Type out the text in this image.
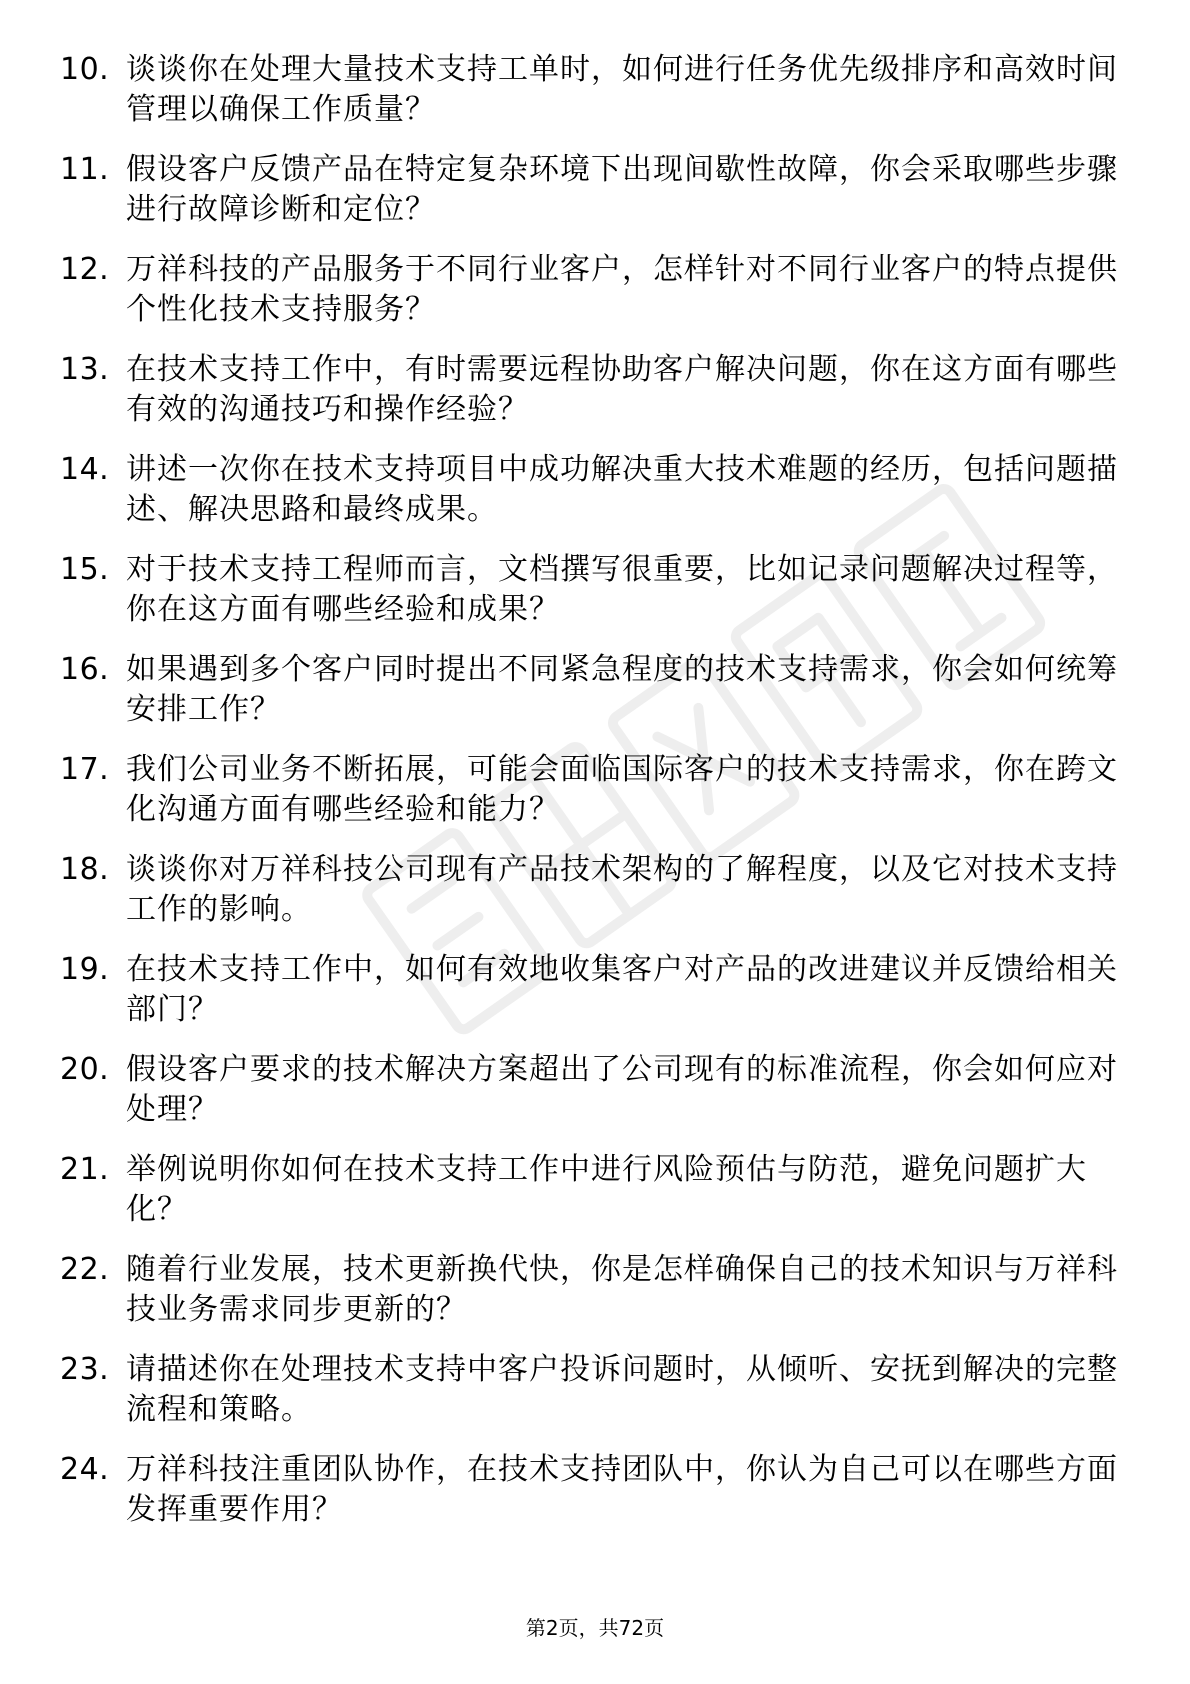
10. 谈谈你在处理大量技术支持工单时，如何进行任务优先级排序和高效时间管理以确保工作质量？
11. 假设客户反馈产品在特定复杂环境下出现间歇性故障，你会采取哪些步骤进行故障诊断和定位？
12. 万祥科技的产品服务于不同行业客户，怎样针对不同行业客户的特点提供个性化技术支持服务？
13. 在技术支持工作中，有时需要远程协助客户解决问题，你在这方面有哪些有效的沟通技巧和操作经验？
14. 讲述一次你在技术支持项目中成功解决重大技术难题的经历，包括问题描述、解决思路和最终成果。
15. 对于技术支持工程师而言，文档撰写很重要，比如记录问题解决过程等，你在这方面有哪些经验和成果？
16. 如果遇到多个客户同时提出不同紧急程度的技术支持需求，你会如何统筹安排工作？
17. 我们公司业务不断拓展，可能会面临国际客户的技术支持需求，你在跨文化沟通方面有哪些经验和能力？
18. 谈谈你对万祥科技公司现有产品技术架构的了解程度，以及它对技术支持工作的影响。
19. 在技术支持工作中，如何有效地收集客户对产品的改进建议并反馈给相关部门？
20. 假设客户要求的技术解决方案超出了公司现有的标准流程，你会如何应对处理？
21. 举例说明你如何在技术支持工作中进行风险预估与防范，避免问题扩大化？
22. 随着行业发展，技术更新换代快，你是怎样确保自己的技术知识与万祥科技业务需求同步更新的？
23. 请描述你在处理技术支持中客户投诉问题时，从倾听、安抚到解决的完整流程和策略。
24. 万祥科技注重团队协作，在技术支持团队中，你认为自己可以在哪些方面发挥重要作用？
第2页，共72页
